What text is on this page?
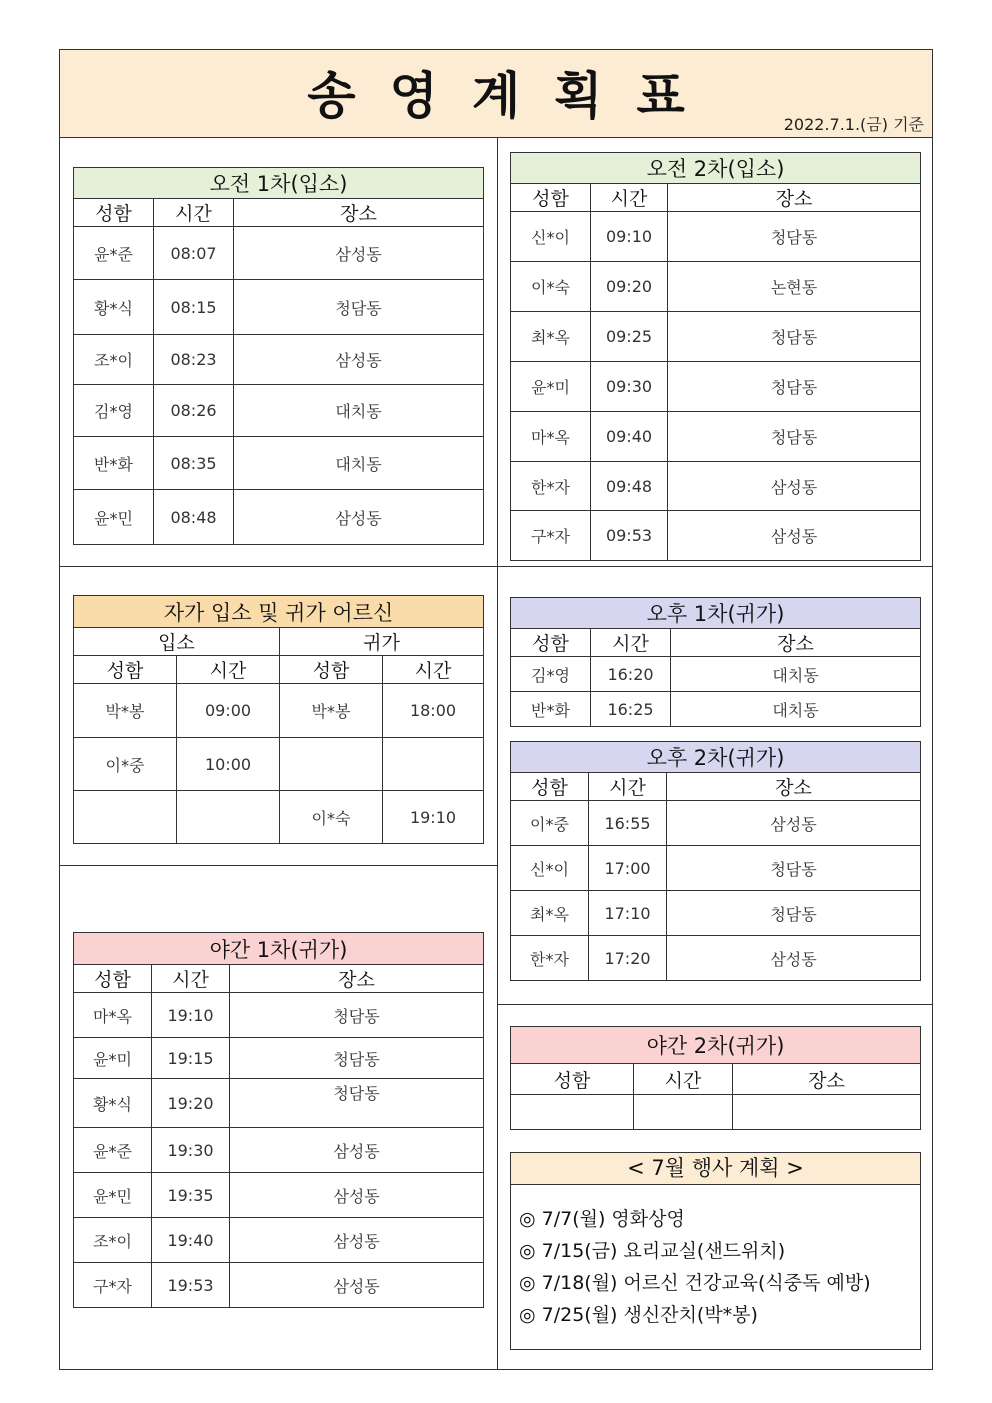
송영계획표	2022.7.1.(금) 기준
오전 1차(입소)		
성함	시간	장소
윤*준	08:07	삼성동
황*식	08:15	청담동
조*이	08:23	삼성동
김*영	08:26	대치동
반*화	08:35	대치동
윤*민	08:48	삼성동
오전 2차(입소)		
성함	시간	장소
신*이	09:10	청담동
이*숙	09:20	논현동
최*옥	09:25	청담동
윤*미	09:30	청담동
마*옥	09:40	청담동
한*자	09:48	삼성동
구*자	09:53	삼성동
자가 입소 및 귀가 어르신			
입소		귀가	
성함	시간	성함	시간
박*봉	09:00	박*봉	18:00
이*중	10:00		
		이*숙	19:10
오후 1차(귀가)		
성함	시간	장소
김*영	16:20	대치동
반*화	16:25	대치동
오후 2차(귀가)		
성함	시간	장소
이*중	16:55	삼성동
신*이	17:00	청담동
최*옥	17:10	청담동
한*자	17:20	삼성동
야간 1차(귀가)		
성함	시간	장소
마*옥	19:10	청담동
윤*미	19:15	청담동
황*식	19:20	청담동
윤*준	19:30	삼성동
윤*민	19:35	삼성동
조*이	19:40	삼성동
구*자	19:53	삼성동
야간 2차(귀가)		
성함	시간	장소

< 7월 행사 계획 >
◎ 7/7(월) 영화상영
◎ 7/15(금) 요리교실(샌드위치)
◎ 7/18(월) 어르신 건강교육(식중독 예방)
◎ 7/25(월) 생신잔치(박*봉)
